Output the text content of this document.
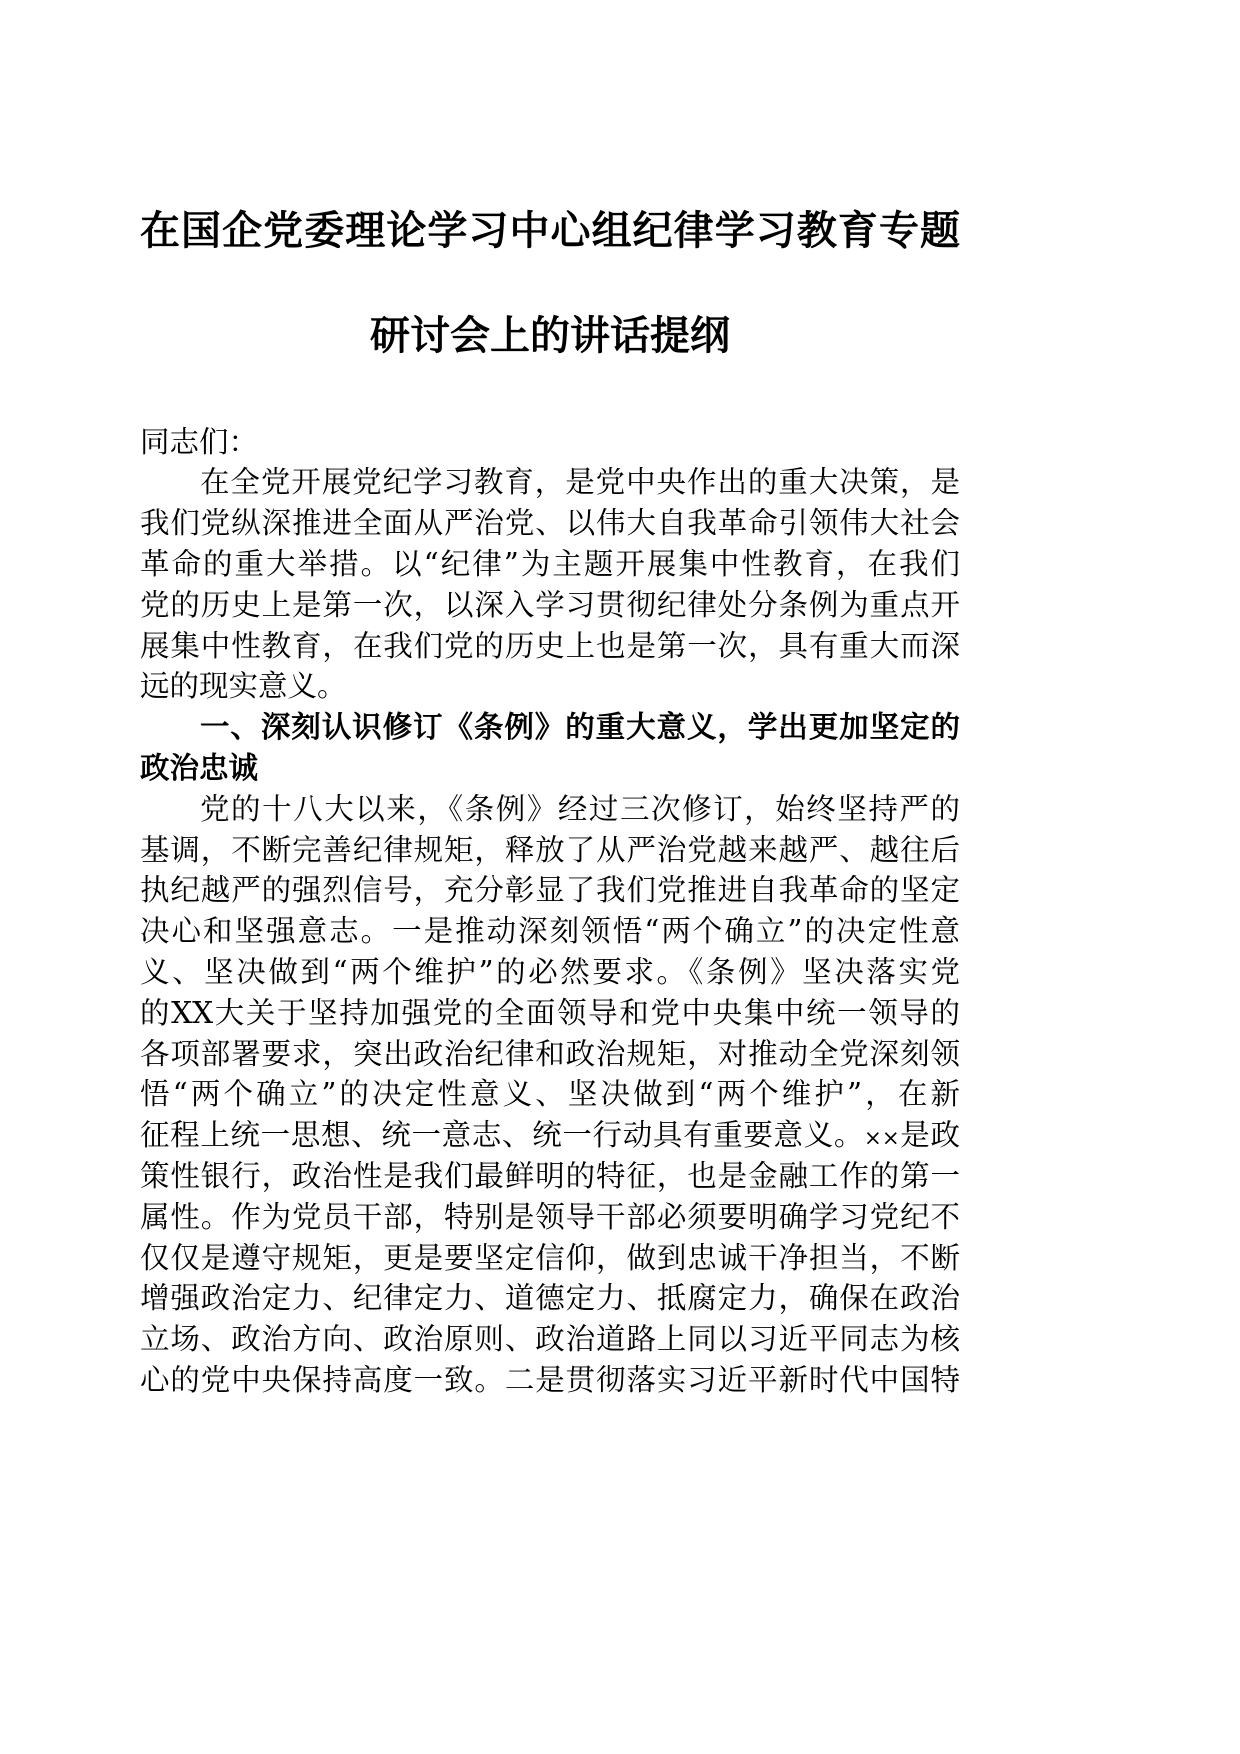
在国企党委理论学习中心组纪律学习教育专题
研讨会上的讲话提纲
同志们：
在全党开展党纪学习教育，是党中央作出的重大决策，是
我们党纵深推进全面从严治党、以伟大自我革命引领伟大社会
革命的重大举措。以“纪律”为主题开展集中性教育，在我们
党的历史上是第一次，以深入学习贯彻纪律处分条例为重点开
展集中性教育，在我们党的历史上也是第一次，具有重大而深
远的现实意义。
一、深刻认识修订《条例》的重大意义，学出更加坚定的
政治忠诚
党的十八大以来，《条例》经过三次修订，始终坚持严的
基调，不断完善纪律规矩，释放了从严治党越来越严、越往后
执纪越严的强烈信号，充分彰显了我们党推进自我革命的坚定
决心和坚强意志。一是推动深刻领悟“两个确立”的决定性意
义、坚决做到“两个维护”的必然要求。《条例》坚决落实党
的XX大关于坚持加强党的全面领导和党中央集中统一领导的
各项部署要求，突出政治纪律和政治规矩，对推动全党深刻领
悟“两个确立”的决定性意义、坚决做到“两个维护”，在新
征程上统一思想、统一意志、统一行动具有重要意义。××是政
策性银行，政治性是我们最鲜明的特征，也是金融工作的第一
属性。作为党员干部，特别是领导干部必须要明确学习党纪不
仅仅是遵守规矩，更是要坚定信仰，做到忠诚干净担当，不断
增强政治定力、纪律定力、道德定力、抵腐定力，确保在政治
立场、政治方向、政治原则、政治道路上同以习近平同志为核
心的党中央保持高度一致。二是贯彻落实习近平新时代中国特
